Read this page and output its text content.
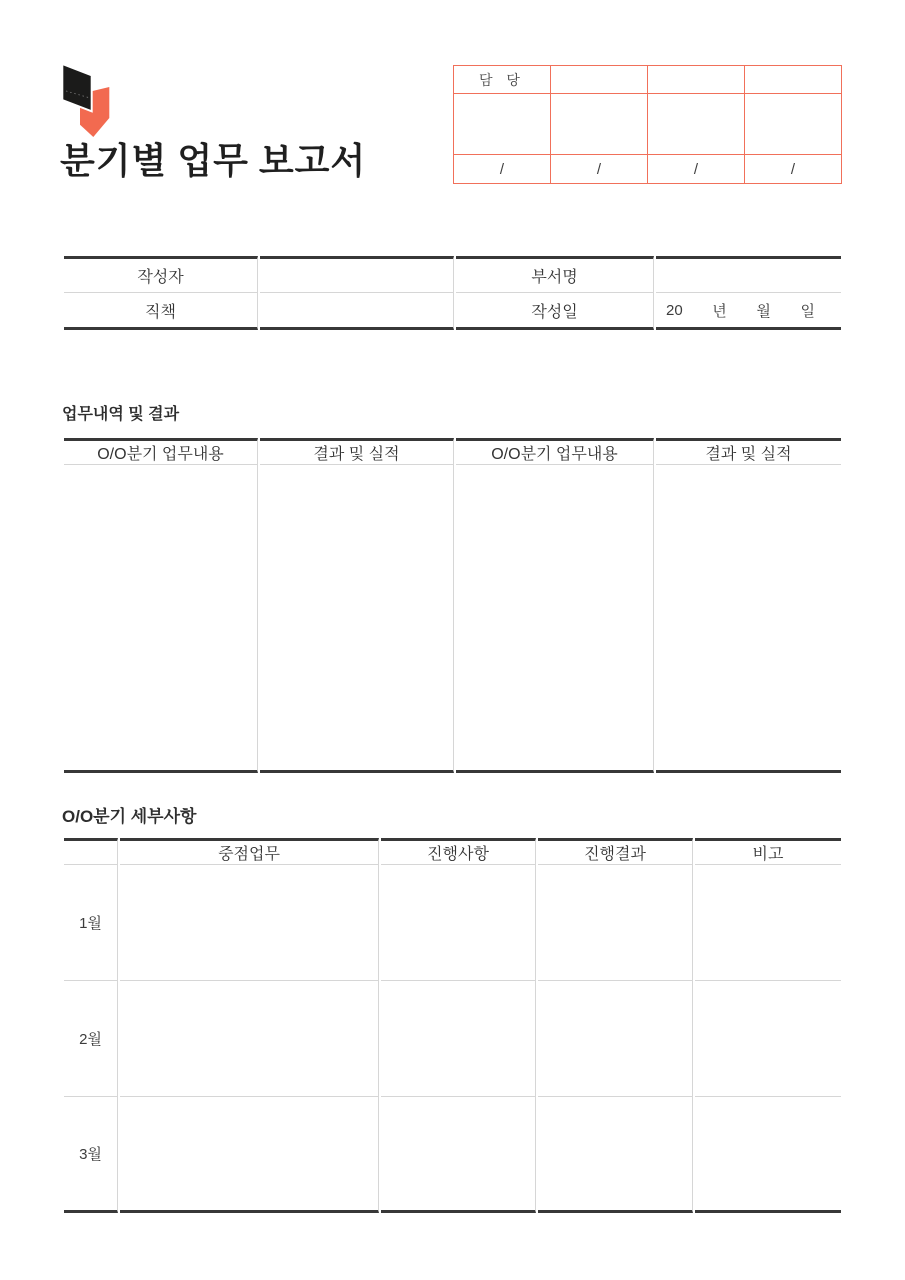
분기별 업무 보고서
담 당			

/	/	/	/
작성자		부서명	
직책		작성일	20 년 월 일
업무내역 및 결과
O/O분기 업무내용	결과 및 실적	O/O분기 업무내용	결과 및 실적

O/O분기 세부사항
	중점업무	진행사항	진행결과	비고
1월				
2월				
3월				
